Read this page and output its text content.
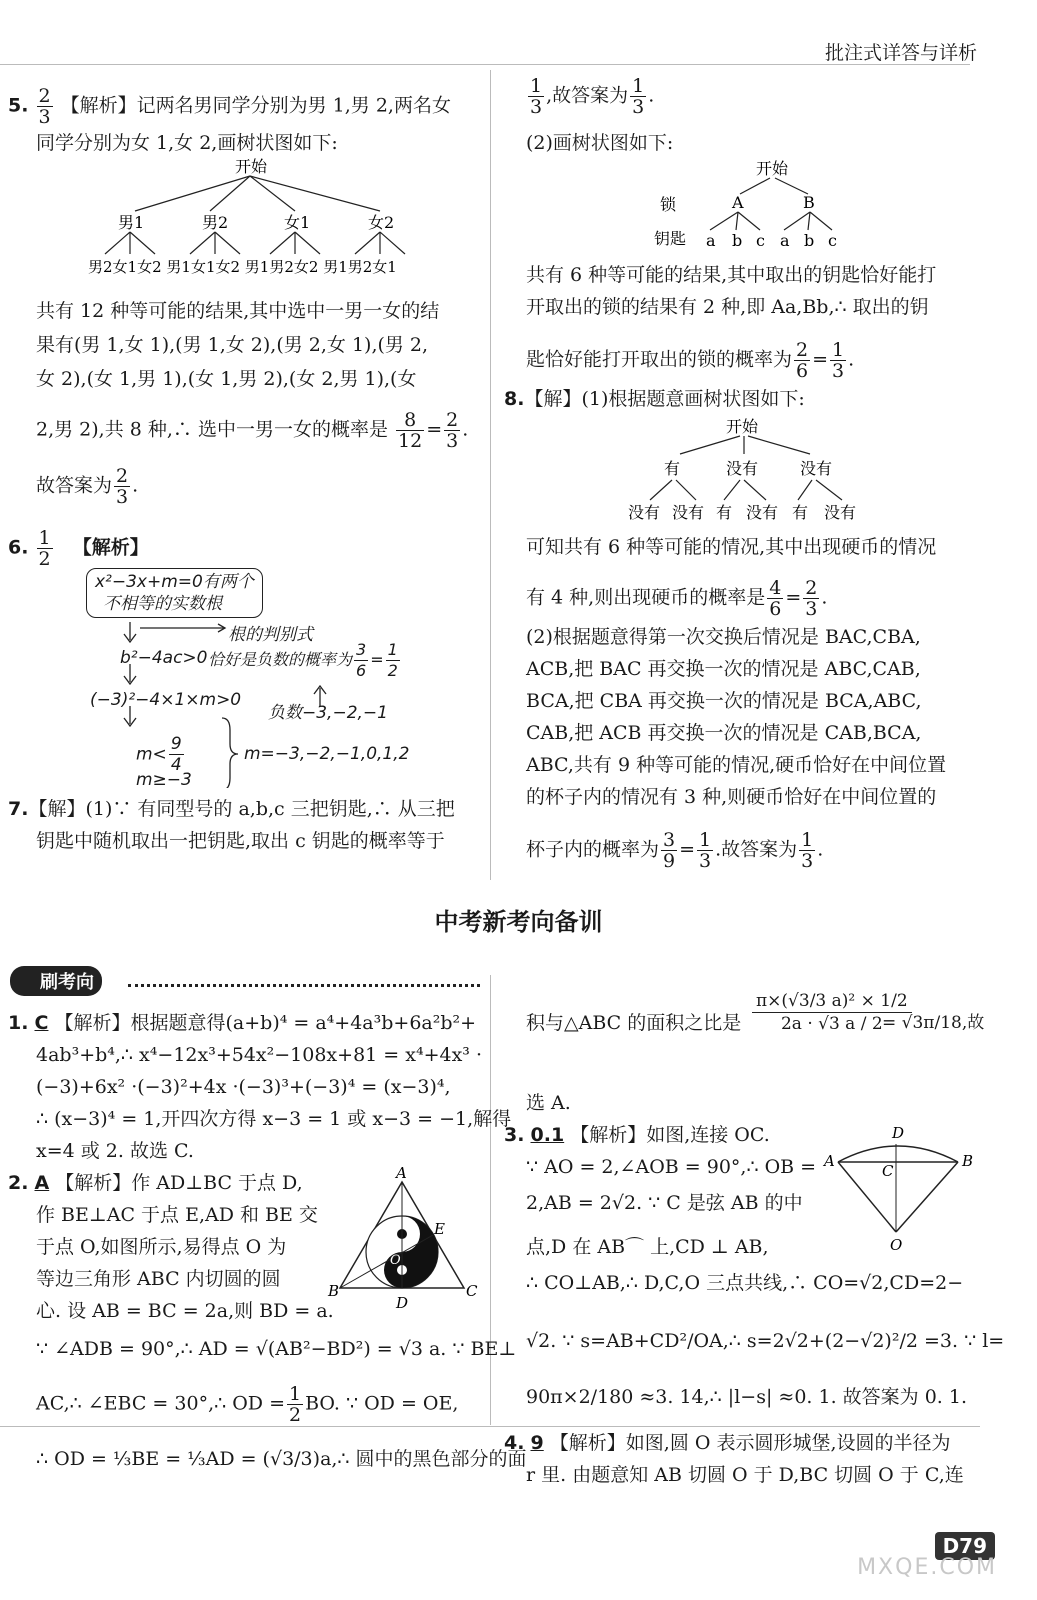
批注式详答与详析
5. $\frac{2}{3}$ 【解析】记两名男同学分别为男 1,男 2,两名女
同学分别为女 1,女 2,画树状图如下:
开始
男1	男2	女1	女2
男2女1女2 男1女1女2 男1男2女2 男1男2女1
共有 12 种等可能的结果,其中选中一男一女的结
果有(男 1,女 1),(男 1,女 2),(男 2,女 1),(男 2,
女 2),(女 1,男 1),(女 1,男 2),(女 2,男 1),(女
2,男 2),共 8 种,∴ 选中一男一女的概率是 $\frac{8}{12} = \frac{2}{3}$ .
故答案为 $\frac{2}{3}$ .
6. $\frac{1}{2}$ 【解析】
x²−3x+m=0有两个
不相等的实数根
根的判别式
b²−4ac>0 恰好是负数的概率为 $\frac{3}{6} = \frac{1}{2}$
(−3)²−4×1×m>0
负数−3,−2,−1
$m< \frac{9}{4}$	m=−3,−2,−1,0,1,2
m≥−3
7.【解】(1)∵ 有同型号的 a,b,c 三把钥匙,∴ 从三把
钥匙中随机取出一把钥匙,取出 c 钥匙的概率等于
$\frac{1}{3}$ ,故答案为 $\frac{1}{3}$ .
(2)画树状图如下:
开始
锁
钥匙
A	B
a b c a b c
共有 6 种等可能的结果,其中取出的钥匙恰好能打
开取出的锁的结果有 2 种,即 Aa,Bb,∴ 取出的钥
匙恰好能打开取出的锁的概率为 $\frac{2}{6} = \frac{1}{3}$ .
8.【解】(1)根据题意画树状图如下:
开始
有	没有	没有
没有 没有 有 没有 有 没有
可知共有 6 种等可能的情况,其中出现硬币的情况
有 4 种,则出现硬币的概率是 $\frac{4}{6} = \frac{2}{3}$ .
(2)根据题意得第一次交换后情况是 BAC,CBA,
ACB,把 BAC 再交换一次的情况是 ABC,CAB,
BCA,把 CBA 再交换一次的情况是 BCA,ABC,
CAB,把 ACB 再交换一次的情况是 CAB,BCA,
ABC,共有 9 种等可能的情况,硬币恰好在中间位置
的杯子内的情况有 3 种,则硬币恰好在中间位置的
杯子内的概率为 $\frac{3}{9} = \frac{1}{3}$ .故答案为 $\frac{1}{3}$ .
中考新考向备训
刷考向
1. C 【解析】根据题意得(a+b)⁴ = a⁴+4a³b+6a²b²+
4ab³+b⁴,∴ x⁴−12x³+54x²−108x+81 = x⁴+4x³ ·
(−3)+6x² ·(−3)²+4x ·(−3)³+(−3)⁴ = (x−3)⁴,
∴ (x−3)⁴ = 1,开四次方得 x−3 = 1 或 x−3 = −1,解得
x=4 或 2. 故选 C.
2. A 【解析】作 AD⊥BC 于点 D,
作 BE⊥AC 于点 E,AD 和 BE 交
于点 O,如图所示,易得点 O 为
等边三角形 ABC 内切圆的圆
心. 设 AB = BC = 2a,则 BD = a.
A
B	C
D
E
O
∵ ∠ADB = 90°,∴ AD = √(AB²−BD²) = √3 a. ∵ BE⊥
AC,∴ ∠EBC = 30°,∴ OD = $\frac{1}{2}$ BO. ∵ OD = OE,
∴ OD = ⅓BE = ⅓AD = (√3/3)a,∴ 圆中的黑色部分的面
积与△ABC 的面积之比是
π×(√3/3 a)² × 1/2
2a · √3 a / 2 = √3π/18,故
选 A.
3. 0.1 【解析】如图,连接 OC.
∵ AO = 2,∠AOB = 90°,∴ OB =
2,AB = 2√2. ∵ C 是弦 AB 的中
点,D 在 AB⌒ 上,CD ⊥ AB,
A	B
C
D
O
∴ CO⊥AB,∴ D,C,O 三点共线,∴ CO=√2,CD=2−
√2. ∵ s=AB+CD²/OA,∴ s=2√2+(2−√2)²/2 =3. ∵ l=
90π×2/180 ≈3. 14,∴ |l−s| ≈0. 1. 故答案为 0. 1.
4. 9 【解析】如图,圆 O 表示圆形城堡,设圆的半径为
r 里. 由题意知 AB 切圆 O 于 D,BC 切圆 O 于 C,连
D79
MXQE.COM
